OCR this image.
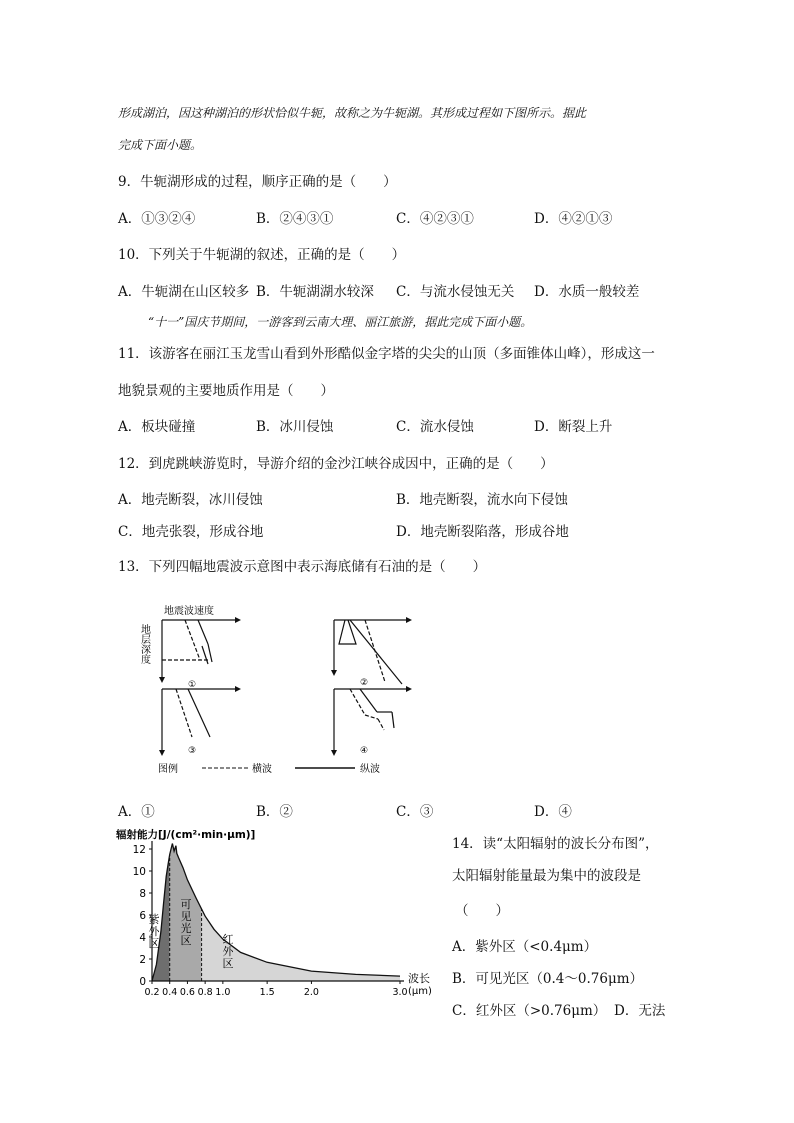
形成湖泊，因这种湖泊的形状恰似牛轭，故称之为牛轭湖。其形成过程如下图所示。据此
完成下面小题。
9．牛轭湖形成的过程，顺序正确的是（　　）
A．①③②④	B．②④③①	C．④②③①	D．④②①③
10．下列关于牛轭湖的叙述，正确的是（　　）
A．牛轭湖在山区较多 B．牛轭湖湖水较深 C．与流水侵蚀无关 D．水质一般较差
“十一”国庆节期间，一游客到云南大理、丽江旅游，据此完成下面小题。
11．该游客在丽江玉龙雪山看到外形酷似金字塔的尖尖的山顶（多面锥体山峰），形成这一
地貌景观的主要地质作用是（　　）
A．板块碰撞	B．冰川侵蚀	C．流水侵蚀	D．断裂上升
12．到虎跳峡游览时，导游介绍的金沙江峡谷成因中，正确的是（　　）
A．地壳断裂，冰川侵蚀	B．地壳断裂，流水向下侵蚀
C．地壳张裂，形成谷地	D．地壳断裂陷落，形成谷地
13．下列四幅地震波示意图中表示海底储有石油的是（　　）
地震波速度
地层深度
①	②
③	④
图例	横波	纵波
A．①	B．②	C．③	D．④
14．读“太阳辐射的波长分布图”，
太阳辐射能量最为集中的波段是
（　　）
A．紫外区（<0.4μm）
B．可见光区（0.4～0.76μm）
C．红外区（>0.76μm） D．无法
辐射能力[J/(cm²·min·μm)]
紫
外
区
可
见
光
区	红
外
区
0
2
4
6
8
10
12
0.2 0.4 0.6 0.8 1.0	1.5	2.0	3.0
波长
(μm)
